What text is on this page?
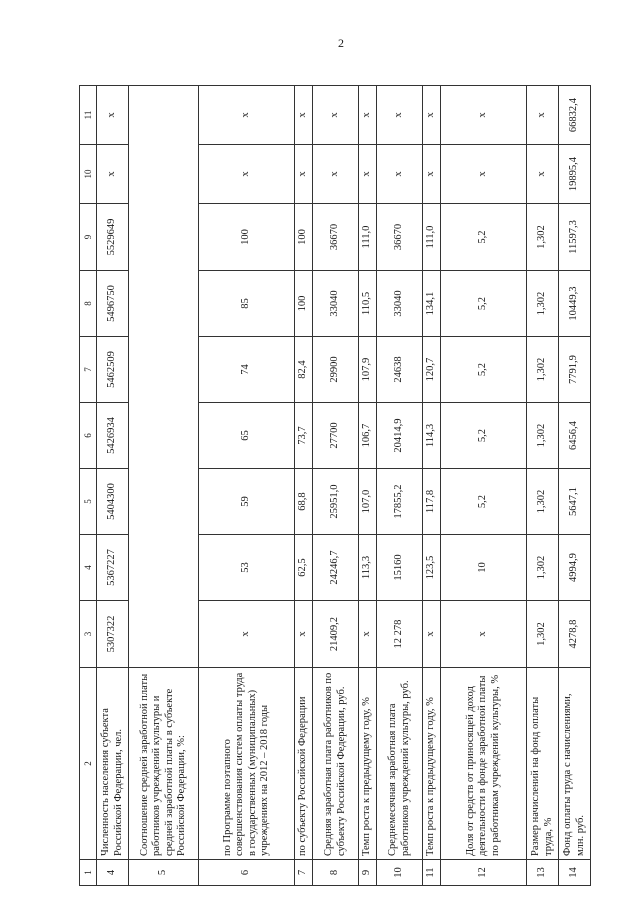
2
1	2	3	4	5	6	7	8	9	10	11
4	Численность населения субъекта Российской Федерации, чел.	5307322	5367227	5404300	5426934	5462509	5496750	5529649	х	х
5	Соотношение средней заработной платы работников учреждений культуры и средней заработной платы в субъекте Российской Федерации, %:									
6	по Программе поэтапного совершенствования систем оплаты труда в государственных (муниципальных) учреждениях на 2012 – 2018 годы	х	53	59	65	74	85	100	х	х
7	по субъекту Российской Федерации	х	62,5	68,8	73,7	82,4	100	100	х	х
8	Средняя заработная плата работников по субъекту Российской Федерации, руб.	21409,2	24246,7	25951,0	27700	29900	33040	36670	х	х
9	Темп роста к предыдущему году, %	х	113,3	107,0	106,7	107,9	110,5	111,0	х	х
10	Среднемесячная заработная плата работников учреждений культуры, руб.	12 278	15160	17855,2	20414,9	24638	33040	36670	х	х
11	Темп роста к предыдущему году, %	х	123,5	117,8	114,3	120,7	134,1	111,0	х	х
12	Доля от средств от приносящей доход деятельности в фонде заработной платы по работникам учреждений культуры, %	х	10	5,2	5,2	5,2	5,2	5,2	х	х
13	Размер начислений на фонд оплаты труда, %	1,302	1,302	1,302	1,302	1,302	1,302	1,302	х	х
14	Фонд оплаты труда с начислениями, млн. руб.	4278,8	4994,9	5647,1	6456,4	7791,9	10449,3	11597,3	19895,4	66832,4
